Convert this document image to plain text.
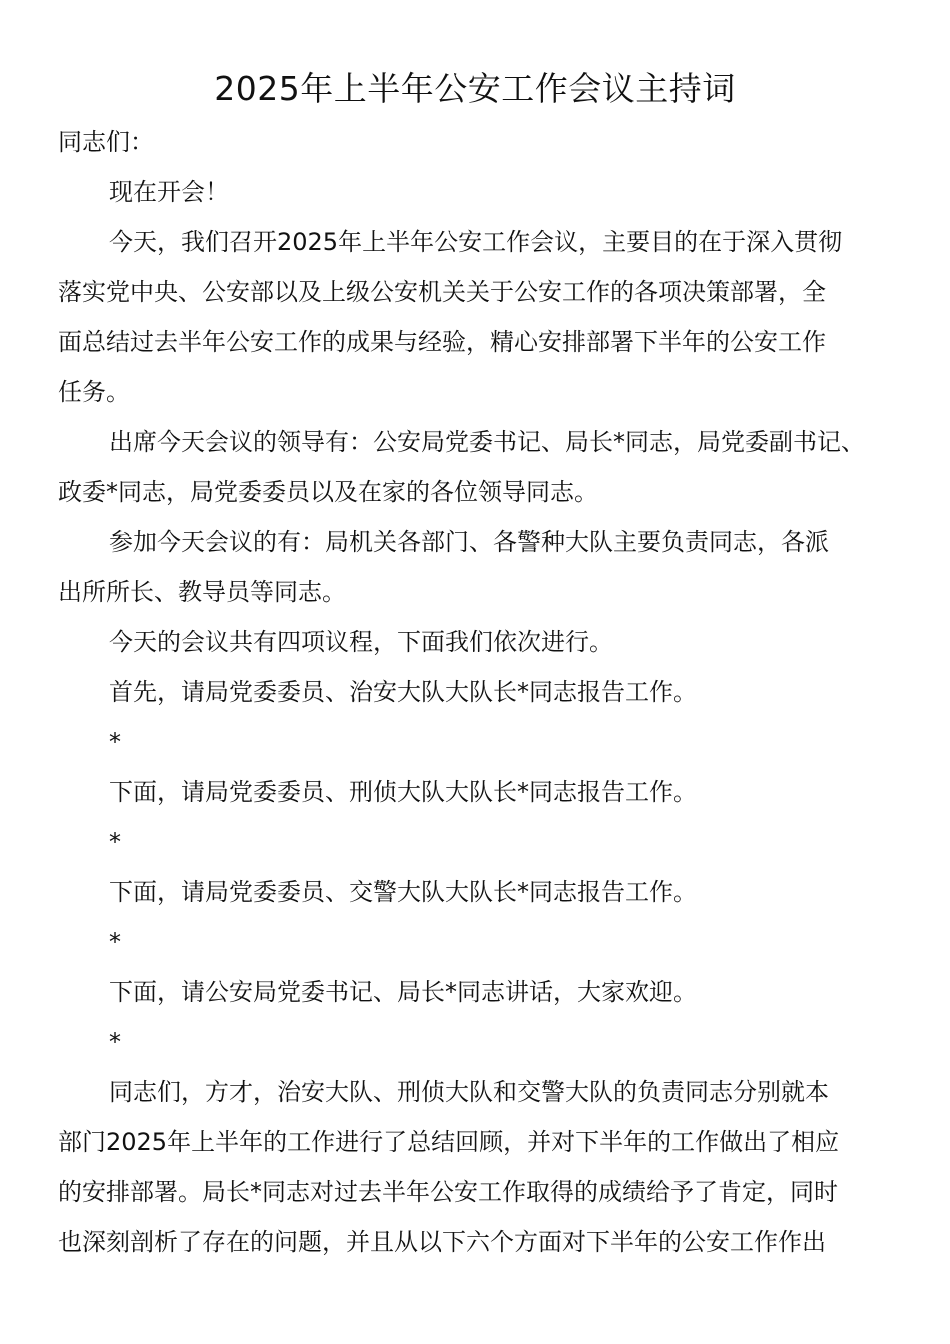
2025年上半年公安工作会议主持词

同志们：

现在开会！

今天，我们召开2025年上半年公安工作会议，主要目的在于深入贯彻
落实党中央、公安部以及上级公安机关关于公安工作的各项决策部署，全
面总结过去半年公安工作的成果与经验，精心安排部署下半年的公安工作
任务。

出席今天会议的领导有：公安局党委书记、局长*同志，局党委副书记、
政委*同志，局党委委员以及在家的各位领导同志。

参加今天会议的有：局机关各部门、各警种大队主要负责同志，各派
出所所长、教导员等同志。

今天的会议共有四项议程，下面我们依次进行。

首先，请局党委委员、治安大队大队长*同志报告工作。

*

下面，请局党委委员、刑侦大队大队长*同志报告工作。

*

下面，请局党委委员、交警大队大队长*同志报告工作。

*

下面，请公安局党委书记、局长*同志讲话，大家欢迎。

*

同志们，方才，治安大队、刑侦大队和交警大队的负责同志分别就本
部门2025年上半年的工作进行了总结回顾，并对下半年的工作做出了相应
的安排部署。局长*同志对过去半年公安工作取得的成绩给予了肯定，同时
也深刻剖析了存在的问题，并且从以下六个方面对下半年的公安工作作出
